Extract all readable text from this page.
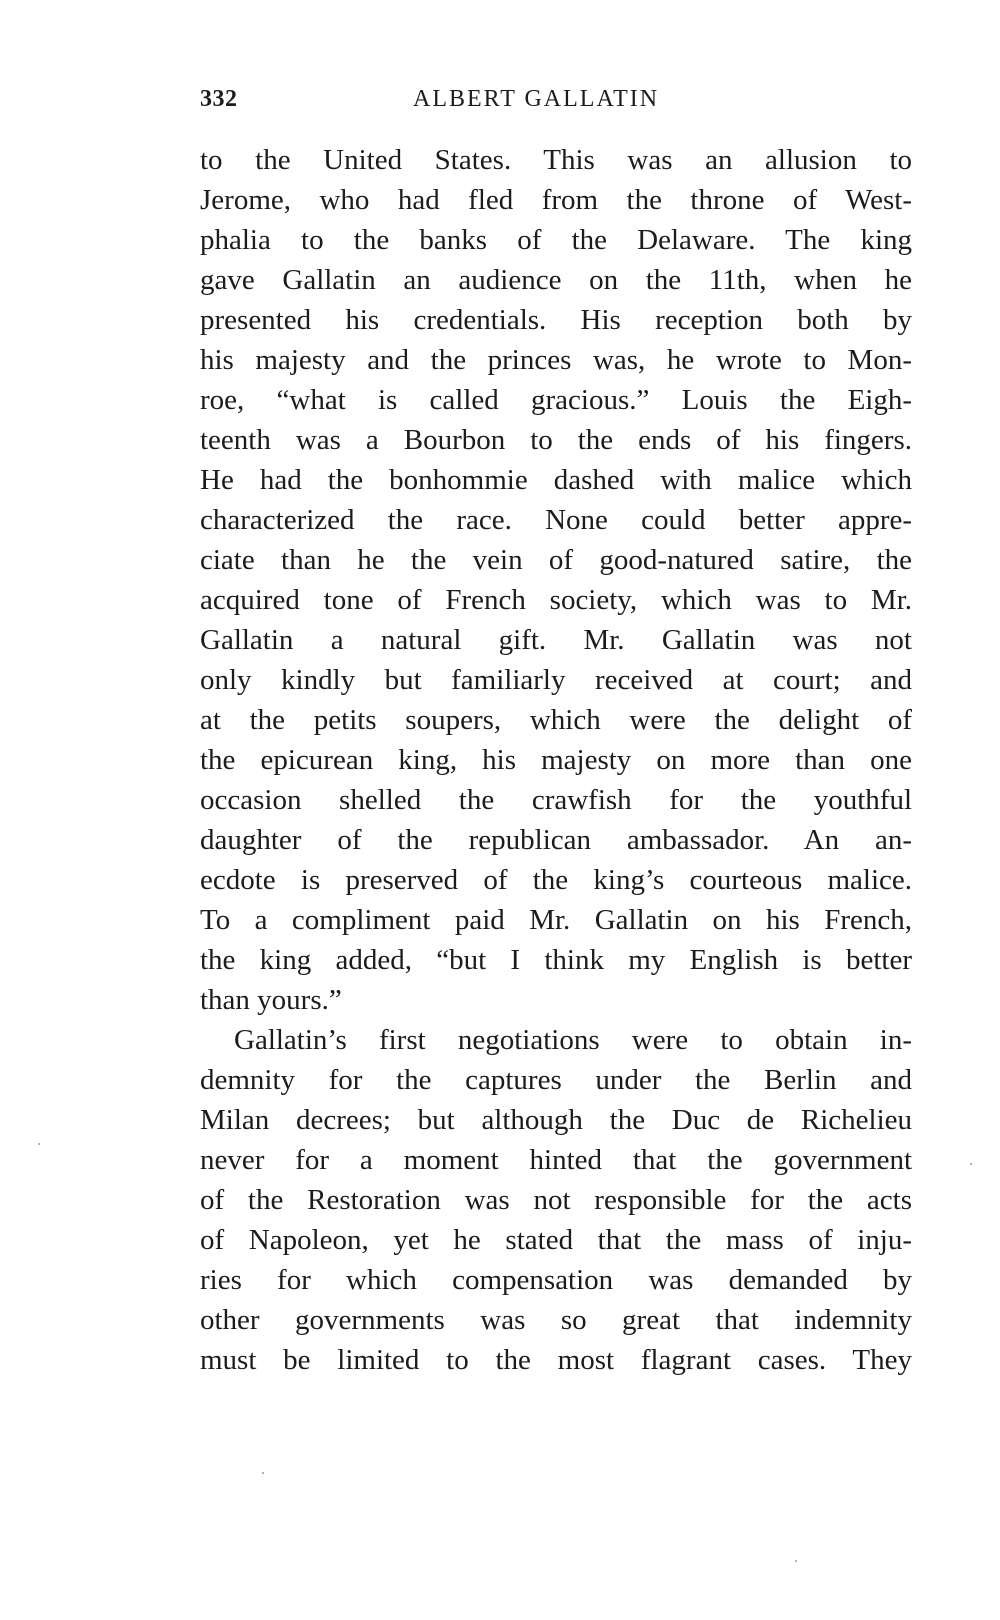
332	ALBERT GALLATIN
to the United States. This was an allusion to
Jerome, who had fled from the throne of West-
phalia to the banks of the Delaware. The king
gave Gallatin an audience on the 11th, when he
presented his credentials. His reception both by
his majesty and the princes was, he wrote to Mon-
roe, “what is called gracious.” Louis the Eigh-
teenth was a Bourbon to the ends of his fingers.
He had the bonhommie dashed with malice which
characterized the race. None could better appre-
ciate than he the vein of good-natured satire, the
acquired tone of French society, which was to Mr.
Gallatin a natural gift. Mr. Gallatin was not
only kindly but familiarly received at court; and
at the petits soupers, which were the delight of
the epicurean king, his majesty on more than one
occasion shelled the crawfish for the youthful
daughter of the republican ambassador. An an-
ecdote is preserved of the king’s courteous malice.
To a compliment paid Mr. Gallatin on his French,
the king added, “but I think my English is better
than yours.”
Gallatin’s first negotiations were to obtain in-
demnity for the captures under the Berlin and
Milan decrees; but although the Duc de Richelieu
never for a moment hinted that the government
of the Restoration was not responsible for the acts
of Napoleon, yet he stated that the mass of inju-
ries for which compensation was demanded by
other governments was so great that indemnity
must be limited to the most flagrant cases. They
